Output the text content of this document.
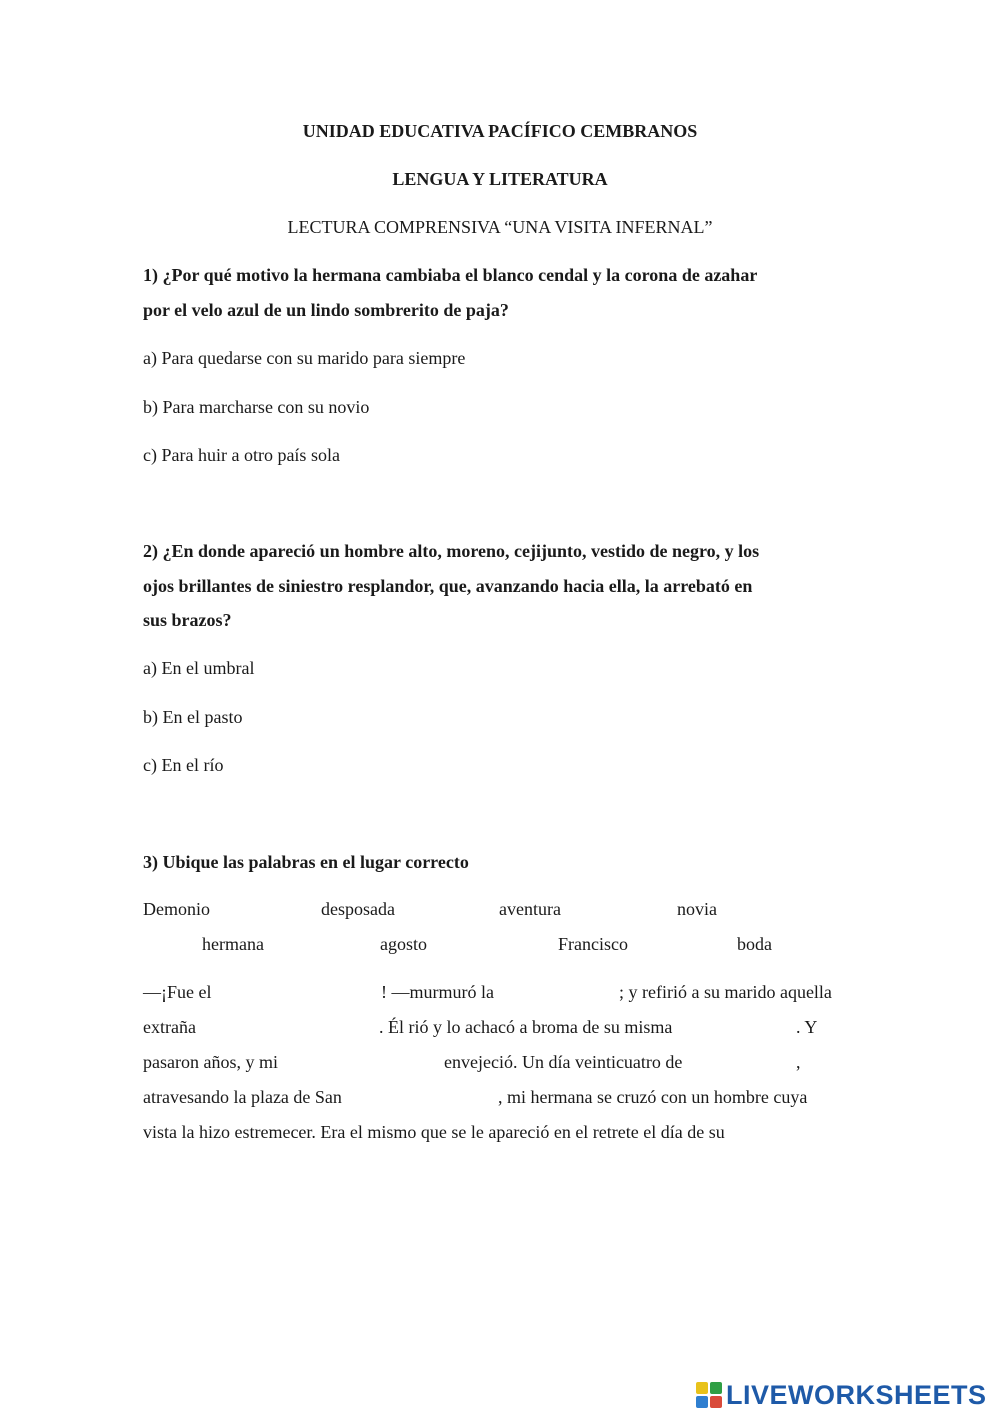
UNIDAD EDUCATIVA PACÍFICO CEMBRANOS
LENGUA Y LITERATURA
LECTURA COMPRENSIVA “UNA VISITA INFERNAL”
1) ¿Por qué motivo la hermana cambiaba el blanco cendal y la corona de azahar
por el velo azul de un lindo sombrerito de paja?
a) Para quedarse con su marido para siempre
b) Para marcharse con su novio
c) Para huir a otro país sola
2) ¿En donde apareció un hombre alto, moreno, cejijunto, vestido de negro, y los
ojos brillantes de siniestro resplandor, que, avanzando hacia ella, la arrebató en
sus brazos?
a) En el umbral
b) En el pasto
c) En el río
3) Ubique las palabras en el lugar correcto
Demonio	desposada	aventura	novia
hermana	agosto	Francisco	boda
—¡Fue el	! —murmuró la	; y refirió a su marido aquella
extraña	. Él rió y lo achacó a broma de su misma	. Y
pasaron años, y mi	envejeció. Un día veinticuatro de	,
atravesando la plaza de San	, mi hermana se cruzó con un hombre cuya
vista la hizo estremecer. Era el mismo que se le apareció en el retrete el día de su
LIVEWORKSHEETS
